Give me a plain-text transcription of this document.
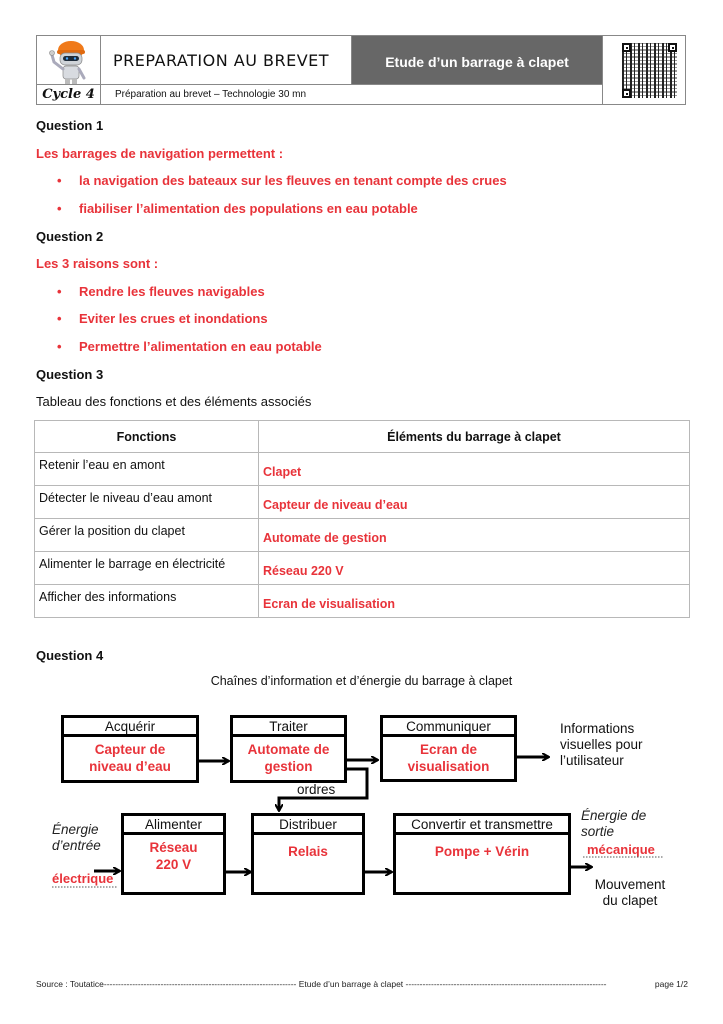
Cycle 4
PREPARATION AU BREVET	Etude d’un barrage à clapet
Préparation au brevet – Technologie 30 mn
Question 1
Les barrages de navigation permettent :
• la navigation des bateaux sur les fleuves en tenant compte des crues
• fiabiliser l’alimentation des populations en eau potable
Question 2
Les 3 raisons sont :
• Rendre les fleuves navigables
• Eviter les crues et inondations
• Permettre l’alimentation en eau potable
Question 3
Tableau des fonctions et des éléments associés
Fonctions	Éléments du barrage à clapet
Retenir l’eau en amont	Clapet
Détecter le niveau d’eau amont	Capteur de niveau d’eau
Gérer la position du clapet	Automate de gestion
Alimenter le barrage en électricité	Réseau 220 V
Afficher des informations	Ecran de visualisation
Question 4
Chaînes d’information et d’énergie du barrage à clapet
Acquérir
Capteur de
niveau d’eau
Traiter
Automate de
gestion
Communiquer
Ecran de
visualisation
Informations
visuelles pour
l’utilisateur
ordres
Alimenter
Réseau
220 V
Distribuer
Relais
Convertir et transmettre
Pompe + Vérin
Énergie
d’entrée
électrique
Énergie de
sortie
mécanique
Mouvement
du clapet
Source : Toutatice-------------------------------------------------------------------- Etude d’un barrage à clapet -----------------------------------------------------------------------	page 1/2
